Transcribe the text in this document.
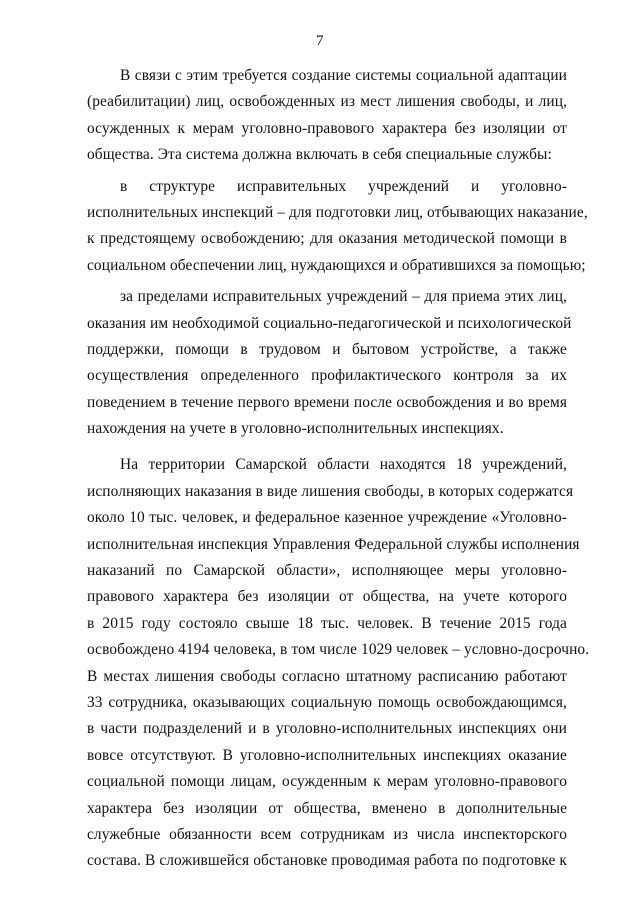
7
В связи с этим требуется создание системы социальной адаптации
(реабилитации) лиц, освобожденных из мест лишения свободы, и лиц,
осужденных к мерам уголовно-правового характера без изоляции от
общества. Эта система должна включать в себя специальные службы:
в структуре исправительных учреждений и уголовно-
исполнительных инспекций – для подготовки лиц, отбывающих наказание,
к предстоящему освобождению; для оказания методической помощи в
социальном обеспечении лиц, нуждающихся и обратившихся за помощью;
за пределами исправительных учреждений – для приема этих лиц,
оказания им необходимой социально-педагогической и психологической
поддержки, помощи в трудовом и бытовом устройстве, а также
осуществления определенного профилактического контроля за их
поведением в течение первого времени после освобождения и во время
нахождения на учете в уголовно-исполнительных инспекциях.
На территории Самарской области находятся 18 учреждений,
исполняющих наказания в виде лишения свободы, в которых содержатся
около 10 тыс. человек, и федеральное казенное учреждение «Уголовно-
исполнительная инспекция Управления Федеральной службы исполнения
наказаний по Самарской области», исполняющее меры уголовно-
правового характера без изоляции от общества, на учете которого
в 2015 году состояло свыше 18 тыс. человек. В течение 2015 года
освобождено 4194 человека, в том числе 1029 человек – условно-досрочно.
В местах лишения свободы согласно штатному расписанию работают
33 сотрудника, оказывающих социальную помощь освобождающимся,
в части подразделений и в уголовно-исполнительных инспекциях они
вовсе отсутствуют. В уголовно-исполнительных инспекциях оказание
социальной помощи лицам, осужденным к мерам уголовно-правового
характера без изоляции от общества, вменено в дополнительные
служебные обязанности всем сотрудникам из числа инспекторского
состава. В сложившейся обстановке проводимая работа по подготовке к
